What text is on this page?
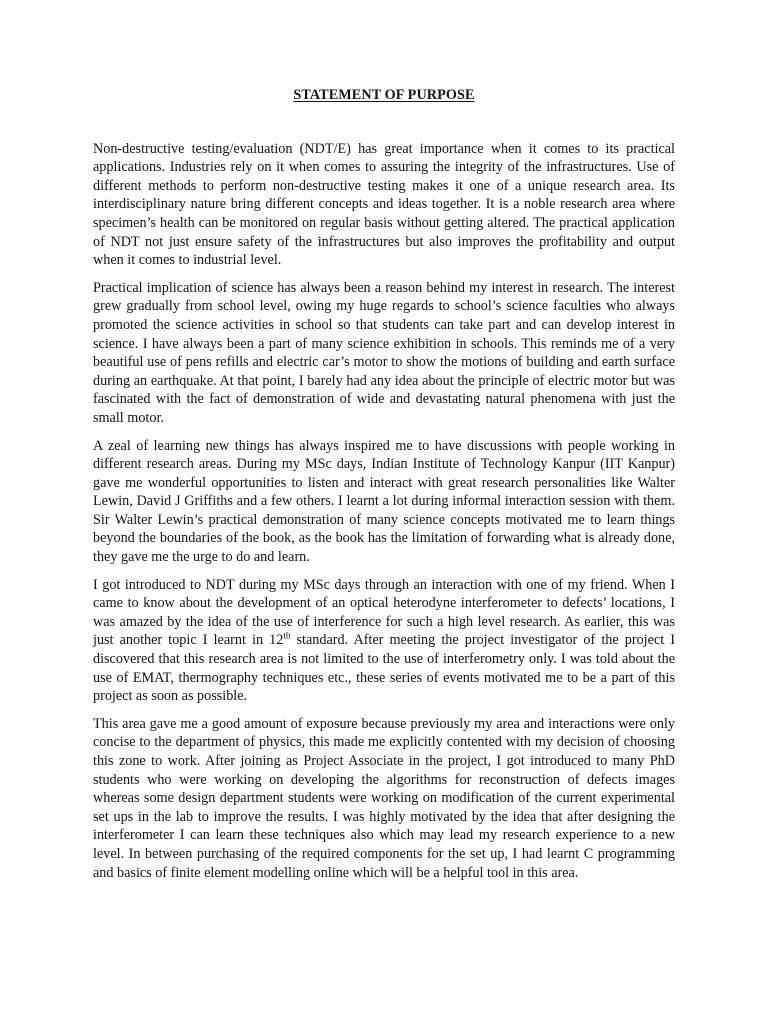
STATEMENT OF PURPOSE

Non-destructive testing/evaluation (NDT/E) has great importance when it comes to its practical applications. Industries rely on it when comes to assuring the integrity of the infrastructures. Use of different methods to perform non-destructive testing makes it one of a unique research area. Its interdisciplinary nature bring different concepts and ideas together. It is a noble research area where specimen’s health can be monitored on regular basis without getting altered. The practical application of NDT not just ensure safety of the infrastructures but also improves the profitability and output when it comes to industrial level.

Practical implication of science has always been a reason behind my interest in research. The interest grew gradually from school level, owing my huge regards to school’s science faculties who always promoted the science activities in school so that students can take part and can develop interest in science. I have always been a part of many science exhibition in schools. This reminds me of a very beautiful use of pens refills and electric car’s motor to show the motions of building and earth surface during an earthquake. At that point, I barely had any idea about the principle of electric motor but was fascinated with the fact of demonstration of wide and devastating natural phenomena with just the small motor.

A zeal of learning new things has always inspired me to have discussions with people working in different research areas. During my MSc days, Indian Institute of Technology Kanpur (IIT Kanpur) gave me wonderful opportunities to listen and interact with great research personalities like Walter Lewin, David J Griffiths and a few others. I learnt a lot during informal interaction session with them. Sir Walter Lewin’s practical demonstration of many science concepts motivated me to learn things beyond the boundaries of the book, as the book has the limitation of forwarding what is already done, they gave me the urge to do and learn.

I got introduced to NDT during my MSc days through an interaction with one of my friend. When I came to know about the development of an optical heterodyne interferometer to defects’ locations, I was amazed by the idea of the use of interference for such a high level research. As earlier, this was just another topic I learnt in 12th standard. After meeting the project investigator of the project I discovered that this research area is not limited to the use of interferometry only. I was told about the use of EMAT, thermography techniques etc., these series of events motivated me to be a part of this project as soon as possible.

This area gave me a good amount of exposure because previously my area and interactions were only concise to the department of physics, this made me explicitly contented with my decision of choosing this zone to work. After joining as Project Associate in the project, I got introduced to many PhD students who were working on developing the algorithms for reconstruction of defects images whereas some design department students were working on modification of the current experimental set ups in the lab to improve the results. I was highly motivated by the idea that after designing the interferometer I can learn these techniques also which may lead my research experience to a new level. In between purchasing of the required components for the set up, I had learnt C programming and basics of finite element modelling online which will be a helpful tool in this area.
